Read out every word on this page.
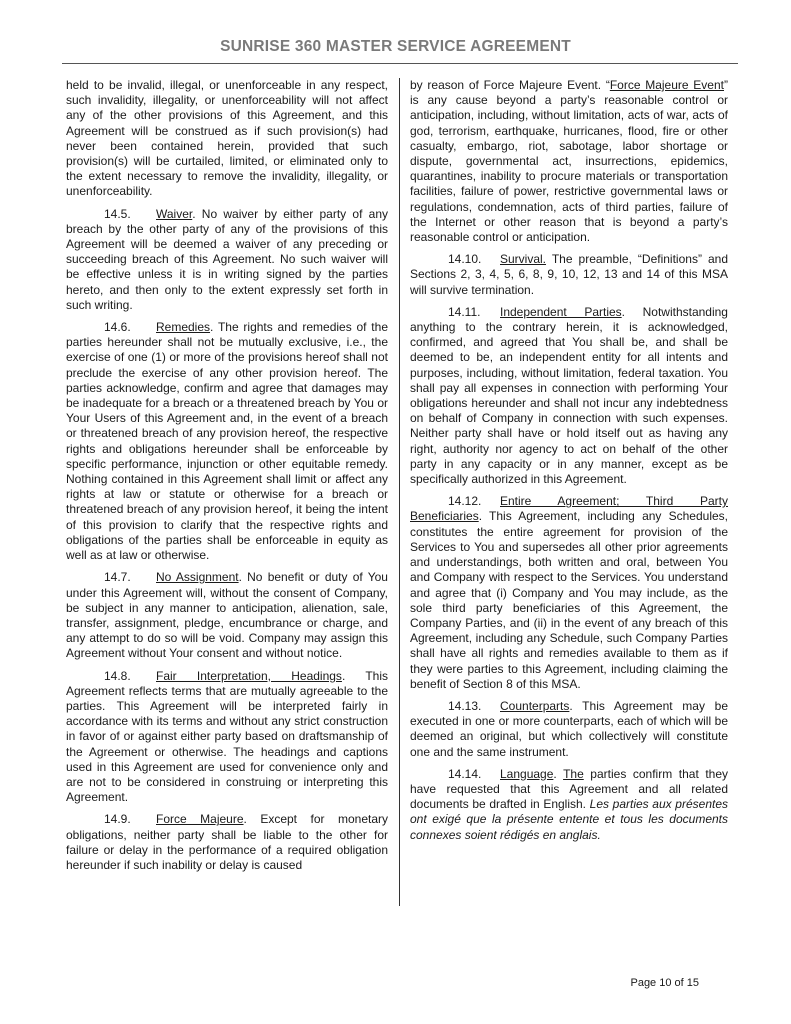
SUNRISE 360 MASTER SERVICE AGREEMENT

held to be invalid, illegal, or unenforceable in any respect, such invalidity, illegality, or unenforceability will not affect any of the other provisions of this Agreement, and this Agreement will be construed as if such provision(s) had never been contained herein, provided that such provision(s) will be curtailed, limited, or eliminated only to the extent necessary to remove the invalidity, illegality, or unenforceability.

14.5. Waiver. No waiver by either party of any breach by the other party of any of the provisions of this Agreement will be deemed a waiver of any preceding or succeeding breach of this Agreement. No such waiver will be effective unless it is in writing signed by the parties hereto, and then only to the extent expressly set forth in such writing.

14.6. Remedies. The rights and remedies of the parties hereunder shall not be mutually exclusive, i.e., the exercise of one (1) or more of the provisions hereof shall not preclude the exercise of any other provision hereof. The parties acknowledge, confirm and agree that damages may be inadequate for a breach or a threatened breach by You or Your Users of this Agreement and, in the event of a breach or threatened breach of any provision hereof, the respective rights and obligations hereunder shall be enforceable by specific performance, injunction or other equitable remedy. Nothing contained in this Agreement shall limit or affect any rights at law or statute or otherwise for a breach or threatened breach of any provision hereof, it being the intent of this provision to clarify that the respective rights and obligations of the parties shall be enforceable in equity as well as at law or otherwise.

14.7. No Assignment. No benefit or duty of You under this Agreement will, without the consent of Company, be subject in any manner to anticipation, alienation, sale, transfer, assignment, pledge, encumbrance or charge, and any attempt to do so will be void. Company may assign this Agreement without Your consent and without notice.

14.8. Fair Interpretation, Headings. This Agreement reflects terms that are mutually agreeable to the parties. This Agreement will be interpreted fairly in accordance with its terms and without any strict construction in favor of or against either party based on draftsmanship of the Agreement or otherwise. The headings and captions used in this Agreement are used for convenience only and are not to be considered in construing or interpreting this Agreement.

14.9. Force Majeure. Except for monetary obligations, neither party shall be liable to the other for failure or delay in the performance of a required obligation hereunder if such inability or delay is caused

by reason of Force Majeure Event. “Force Majeure Event” is any cause beyond a party’s reasonable control or anticipation, including, without limitation, acts of war, acts of god, terrorism, earthquake, hurricanes, flood, fire or other casualty, embargo, riot, sabotage, labor shortage or dispute, governmental act, insurrections, epidemics, quarantines, inability to procure materials or transportation facilities, failure of power, restrictive governmental laws or regulations, condemnation, acts of third parties, failure of the Internet or other reason that is beyond a party’s reasonable control or anticipation.

14.10. Survival. The preamble, “Definitions” and Sections 2, 3, 4, 5, 6, 8, 9, 10, 12, 13 and 14 of this MSA will survive termination.

14.11. Independent Parties. Notwithstanding anything to the contrary herein, it is acknowledged, confirmed, and agreed that You shall be, and shall be deemed to be, an independent entity for all intents and purposes, including, without limitation, federal taxation. You shall pay all expenses in connection with performing Your obligations hereunder and shall not incur any indebtedness on behalf of Company in connection with such expenses. Neither party shall have or hold itself out as having any right, authority nor agency to act on behalf of the other party in any capacity or in any manner, except as be specifically authorized in this Agreement.

14.12. Entire Agreement; Third Party Beneficiaries. This Agreement, including any Schedules, constitutes the entire agreement for provision of the Services to You and supersedes all other prior agreements and understandings, both written and oral, between You and Company with respect to the Services. You understand and agree that (i) Company and You may include, as the sole third party beneficiaries of this Agreement, the Company Parties, and (ii) in the event of any breach of this Agreement, including any Schedule, such Company Parties shall have all rights and remedies available to them as if they were parties to this Agreement, including claiming the benefit of Section 8 of this MSA.

14.13. Counterparts. This Agreement may be executed in one or more counterparts, each of which will be deemed an original, but which collectively will constitute one and the same instrument.

14.14. Language. The parties confirm that they have requested that this Agreement and all related documents be drafted in English. Les parties aux présentes ont exigé que la présente entente et tous les documents connexes soient rédigés en anglais.

Page 10 of 15
